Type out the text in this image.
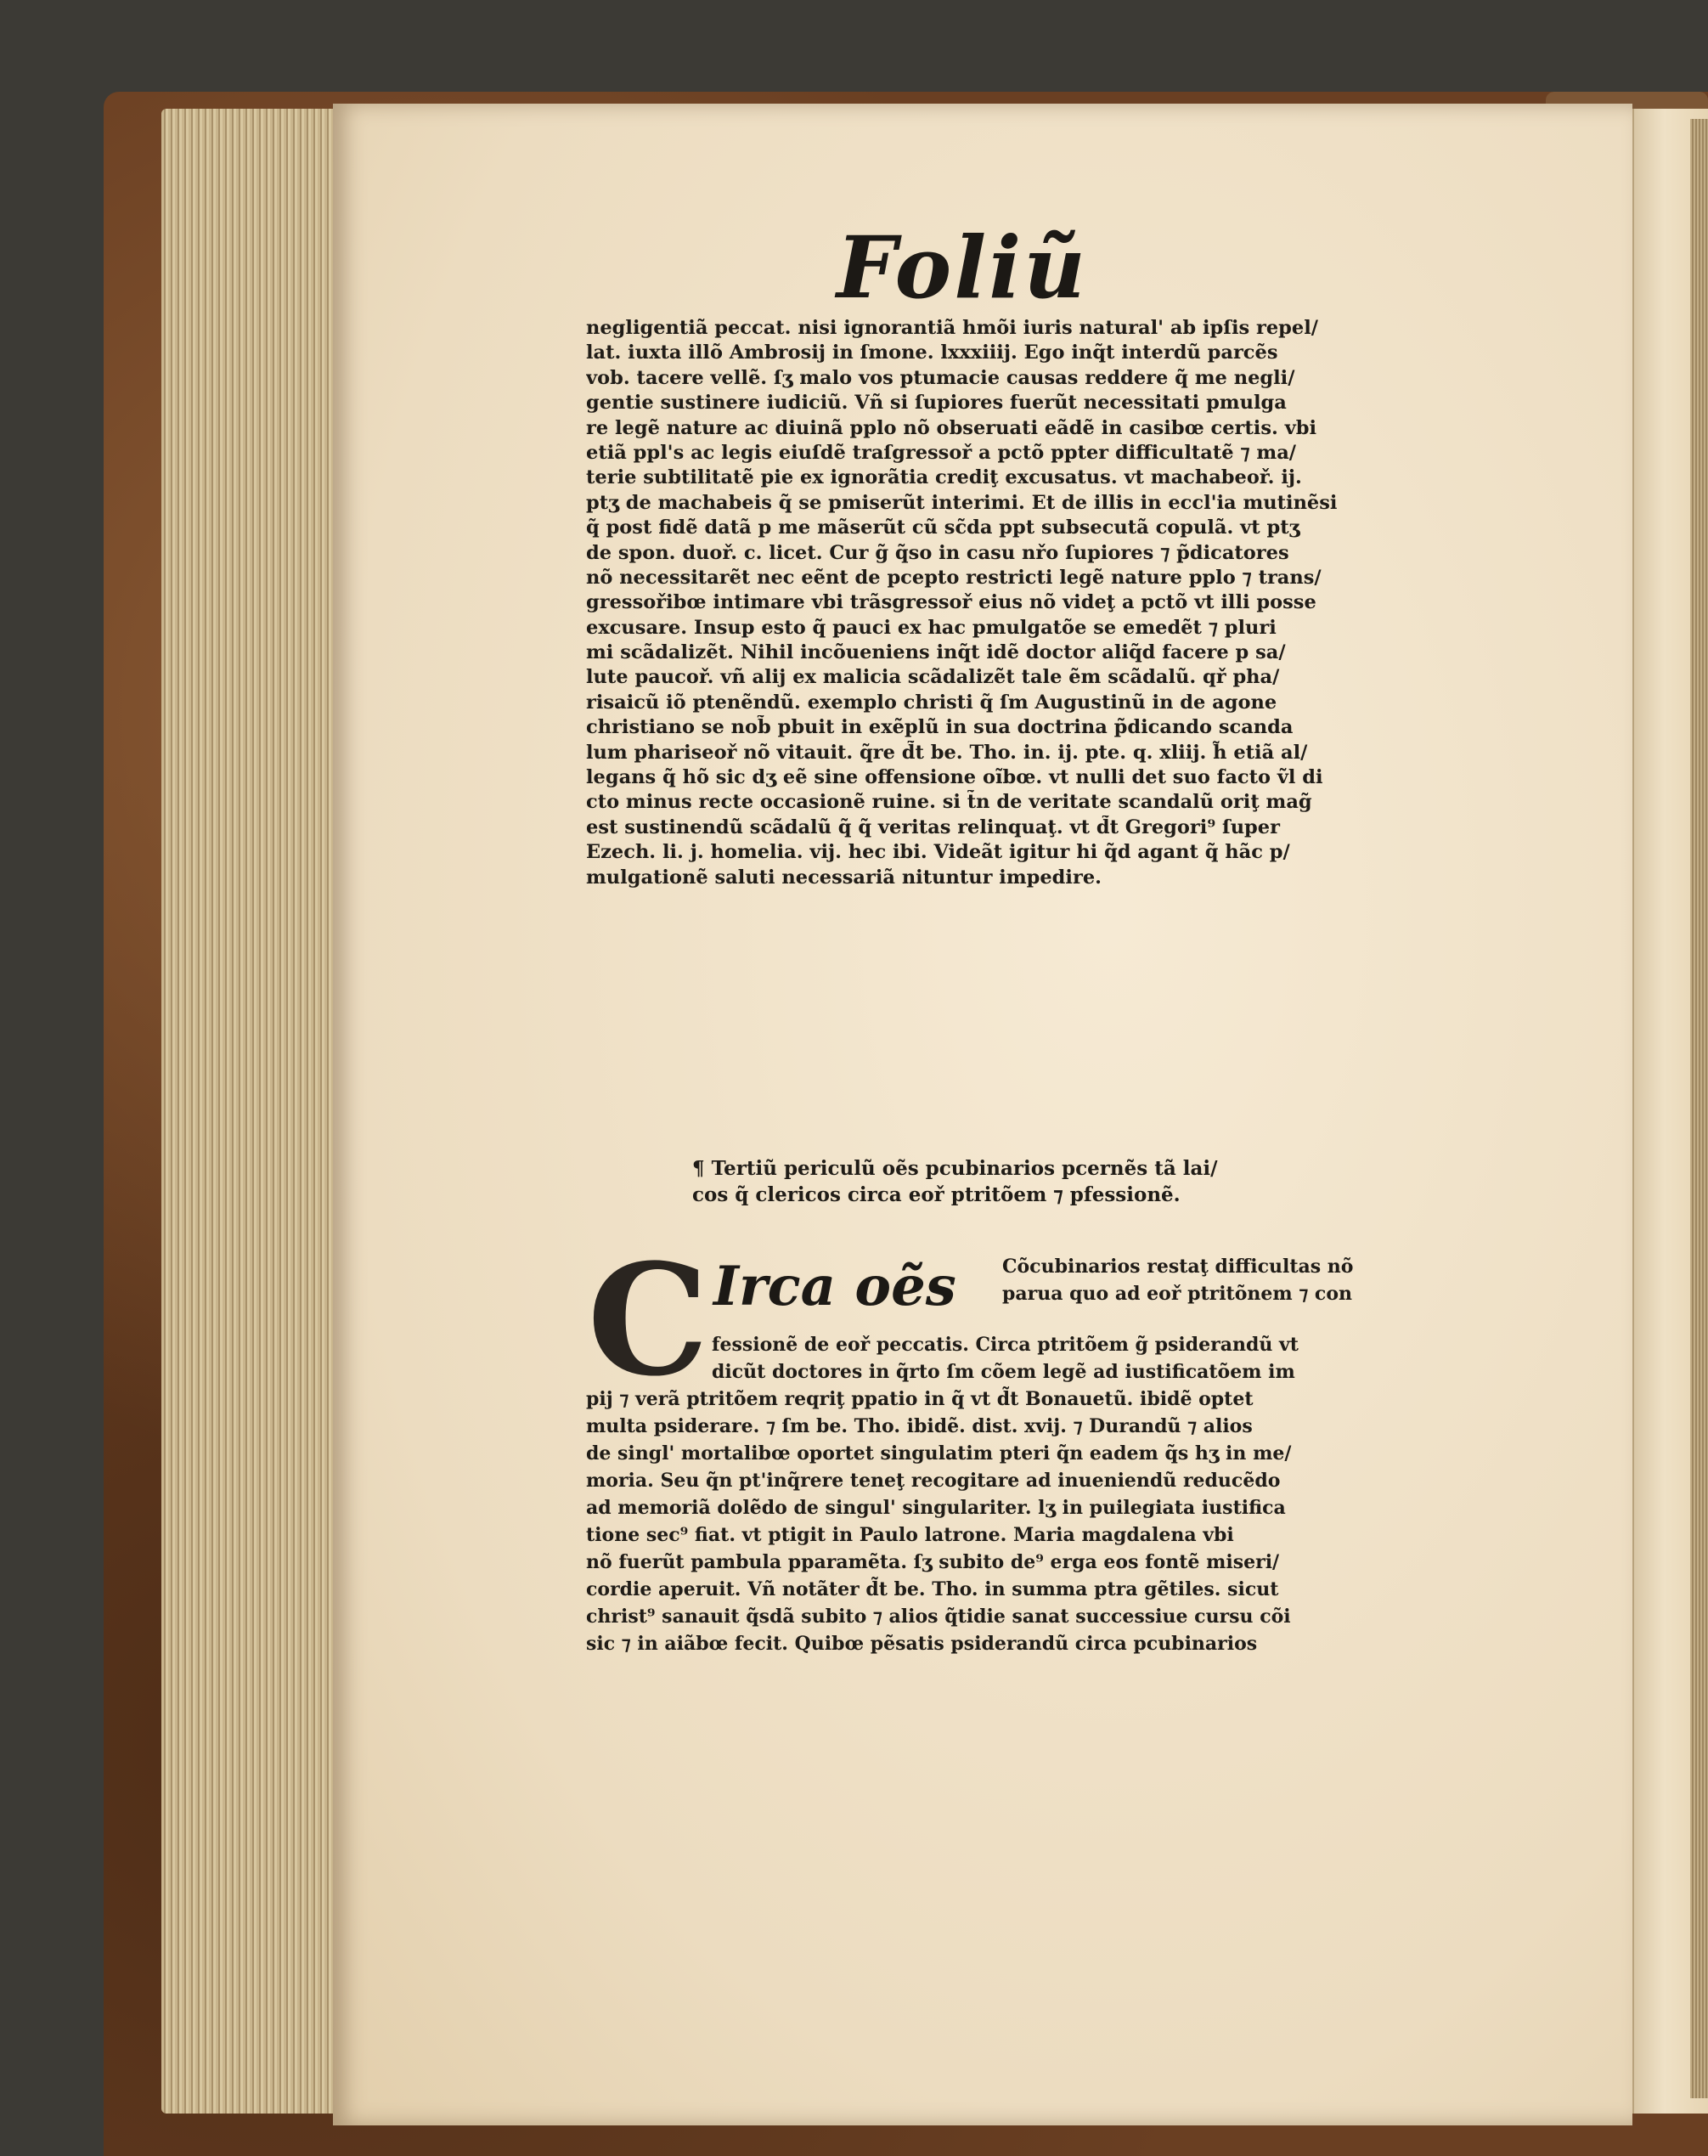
Foliũ
negligentiã peccat. nisi ignorantiã hmõi iuris natural' ab ipſis repel/
lat. iuxta illõ Ambrosij in ſmone. lxxxiiij. Ego inq̃t interdũ parcẽs
vob. tacere vellẽ. ſʒ malo vos ptumacie causas reddere q̃ me negli/
gentie sustinere iudiciũ. Vñ si ſupiores fuerũt necessitati pmulga
re legẽ nature ac diuinã pplo nõ obseruati eãdẽ in casibœ certis. vbi
etiã ppl's ac legis eiuſdẽ traſgressoř a pctõ ppter difficultatẽ ⁊ ma/
terie subtilitatẽ pie ex ignorãtia crediţ excusatus. vt machabeoř. ij.
ptʒ de machabeis q̃ se pmiserũt interimi. Et de illis in eccl'ia mutinẽsi
q̃ post fidẽ datã p me mãserũt cũ sc̃da ppt subsecutã copulã. vt ptʒ
de spon. duoř. c. licet. Cur g̃ q̃so in casu nřo ſupiores ⁊ p̃dicatores
nõ necessitarẽt nec eẽnt de pcepto restricti legẽ nature pplo ⁊ trans/
gressořibœ intimare vbi trãsgressoř eius nõ videţ a pctõ vt illi posse
excusare. Insup esto q̃ pauci ex hac pmulgatõe se emedẽt ⁊ pluri
mi scãdalizẽt. Nihil incõueniens inq̃t idẽ doctor aliq̃d facere p sa/
lute paucoř. vñ alij ex malicia scãdalizẽt tale ẽm scãdalũ. qř pha/
risaicũ iõ ptenẽndũ. exemplo christi q̃ ſm Augustinũ in de agone
christiano se nob̃ pbuit in exẽplũ in sua doctrina p̃dicando scanda
lum phariseoř nõ vitauit. q̃re d̃t be. Tho. in. ij. pte. q. xliij. h̃ etiã al/
legans q̃ hõ sic dʒ eẽ sine offensione oĩbœ. vt nulli det suo facto ṽl di
cto minus recte occasionẽ ruine. si t̃n de veritate scandalũ oriţ mag̃
est sustinendũ scãdalũ q̃ q̃ veritas relinquaţ. vt d̃t Gregori⁹ ſuper
Ezech. li. j. homelia. vij. hec ibi. Videãt igitur hi q̃d agant q̃ hãc p/
mulgationẽ saluti necessariã nituntur impedire.
¶ Tertiũ periculũ oẽs pcubinarios pcernẽs tã lai/
cos q̃ clericos circa eoř ptritõem ⁊ pfessionẽ.
C Irca oẽs	Cõcubinarios restaţ difficultas nõ
parua quo ad eoř ptritõnem ⁊ con
fessionẽ de eoř peccatis. Circa ptritõem g̃ psiderandũ vt
dicũt doctores in q̃rto ſm cõem legẽ ad iustificatõem im
pij ⁊ verã ptritõem reqriţ ppatio in q̃ vt d̃t Bonauetũ. ibidẽ optet
multa psiderare. ⁊ ſm be. Tho. ibidẽ. dist. xvij. ⁊ Durandũ ⁊ alios
de singl' mortalibœ oportet singulatim pteri q̃n eadem q̃s hʒ in me/
moria. Seu q̃n pt'inq̃rere teneţ recogitare ad inueniendũ reducẽdo
ad memoriã dolẽdo de singul' singulariter. lʒ in puilegiata iustifica
tione sec⁹ fiat. vt ptigit in Paulo latrone. Maria magdalena vbi
nõ fuerũt pambula pparamẽta. ſʒ subito de⁹ erga eos fontẽ miseri/
cordie aperuit. Vñ notãter d̃t be. Tho. in summa ptra gẽtiles. sicut
christ⁹ sanauit q̃sdã subito ⁊ alios q̃tidie sanat successiue cursu cõi
sic ⁊ in aiãbœ fecit. Quibœ pẽsatis psiderandũ circa pcubinarios
